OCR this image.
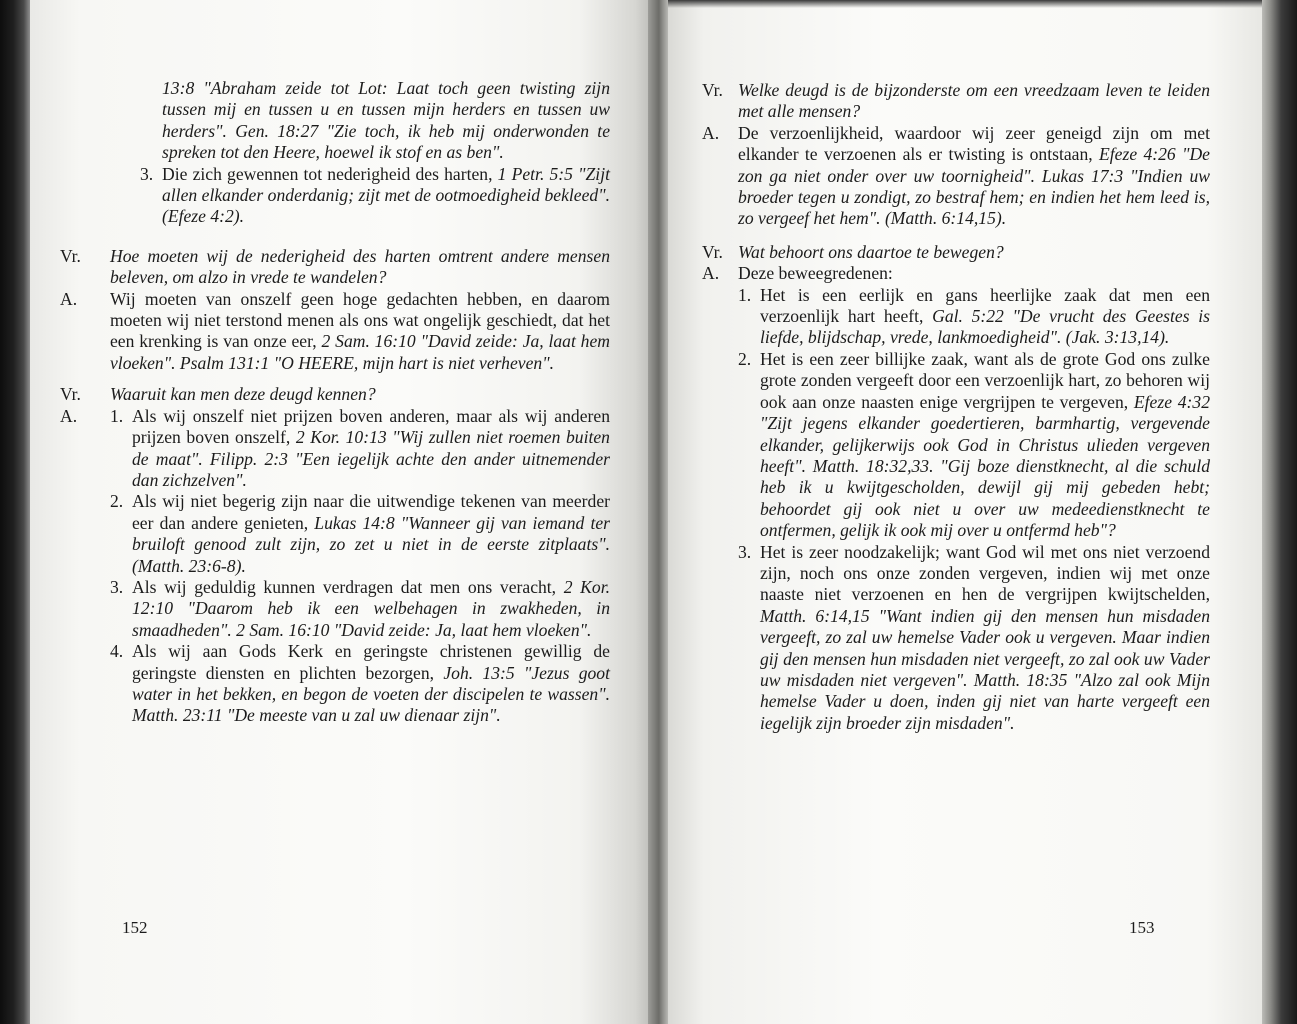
13:8 "Abraham zeide tot Lot: Laat toch geen twisting zijn tussen mij en tussen u en tussen mijn herders en tussen uw herders". Gen. 18:27 "Zie toch, ik heb mij onderwonden te spreken tot den Heere, hoewel ik stof en as ben".

3. Die zich gewennen tot nederigheid des harten, 1 Petr. 5:5 "Zijt allen elkander onderdanig; zijt met de ootmoedigheid bekleed". (Efeze 4:2).
Vr.	Hoe moeten wij de nederigheid des harten omtrent andere mensen beleven, om alzo in vrede te wandelen?
A.	Wij moeten van onszelf geen hoge gedachten hebben, en daarom moeten wij niet terstond menen als ons wat ongelijk geschiedt, dat het een krenking is van onze eer, 2 Sam. 16:10 "David zeide: Ja, laat hem vloeken". Psalm 131:1 "O HEERE, mijn hart is niet verheven".
Vr.	Waaruit kan men deze deugd kennen?
A.	1. Als wij onszelf niet prijzen boven anderen, maar als wij anderen prijzen boven onszelf, 2 Kor. 10:13 "Wij zullen niet roemen buiten de maat". Filipp. 2:3 "Een iegelijk achte den ander uitnemender dan zichzelven".
2. Als wij niet begerig zijn naar die uitwendige tekenen van meerder eer dan andere genieten, Lukas 14:8 "Wanneer gij van iemand ter bruiloft genood zult zijn, zo zet u niet in de eerste zitplaats". (Matth. 23:6-8).
3. Als wij geduldig kunnen verdragen dat men ons veracht, 2 Kor. 12:10 "Daarom heb ik een welbehagen in zwakheden, in smaadheden". 2 Sam. 16:10 "David zeide: Ja, laat hem vloeken".
4. Als wij aan Gods Kerk en geringste christenen gewillig de geringste diensten en plichten bezorgen, Joh. 13:5 "Jezus goot water in het bekken, en begon de voeten der discipelen te wassen". Matth. 23:11 "De meeste van u zal uw dienaar zijn".
152
Vr. Welke deugd is de bijzonderste om een vreedzaam leven te leiden met alle mensen?
A.	De verzoenlijkheid, waardoor wij zeer geneigd zijn om met elkander te verzoenen als er twisting is ontstaan, Efeze 4:26 "De zon ga niet onder over uw toornigheid". Lukas 17:3 "Indien uw broeder tegen u zondigt, zo bestraf hem; en indien het hem leed is, zo vergeef het hem". (Matth. 6:14,15).
Vr. Wat behoort ons daartoe te bewegen?
A.	Deze beweegredenen:
1. Het is een eerlijk en gans heerlijke zaak dat men een verzoenlijk hart heeft, Gal. 5:22 "De vrucht des Geestes is liefde, blijdschap, vrede, lankmoedigheid". (Jak. 3:13,14).
2. Het is een zeer billijke zaak, want als de grote God ons zulke grote zonden vergeeft door een verzoenlijk hart, zo behoren wij ook aan onze naasten enige vergrijpen te vergeven, Efeze 4:32 "Zijt jegens elkander goedertieren, barmhartig, vergevende elkander, gelijkerwijs ook God in Christus ulieden vergeven heeft". Matth. 18:32,33. "Gij boze dienstknecht, al die schuld heb ik u kwijtgescholden, dewijl gij mij gebeden hebt; behoordet gij ook niet u over uw medeedienstknecht te ontfermen, gelijk ik ook mij over u ontfermd heb"?
3. Het is zeer noodzakelijk; want God wil met ons niet verzoend zijn, noch ons onze zonden vergeven, indien wij met onze naaste niet verzoenen en hen de vergrijpen kwijtschelden, Matth. 6:14,15 "Want indien gij den mensen hun misdaden vergeeft, zo zal uw hemelse Vader ook u vergeven. Maar indien gij den mensen hun misdaden niet vergeeft, zo zal ook uw Vader uw misdaden niet vergeven". Matth. 18:35 "Alzo zal ook Mijn hemelse Vader u doen, inden gij niet van harte vergeeft een iegelijk zijn broeder zijn misdaden".
153
